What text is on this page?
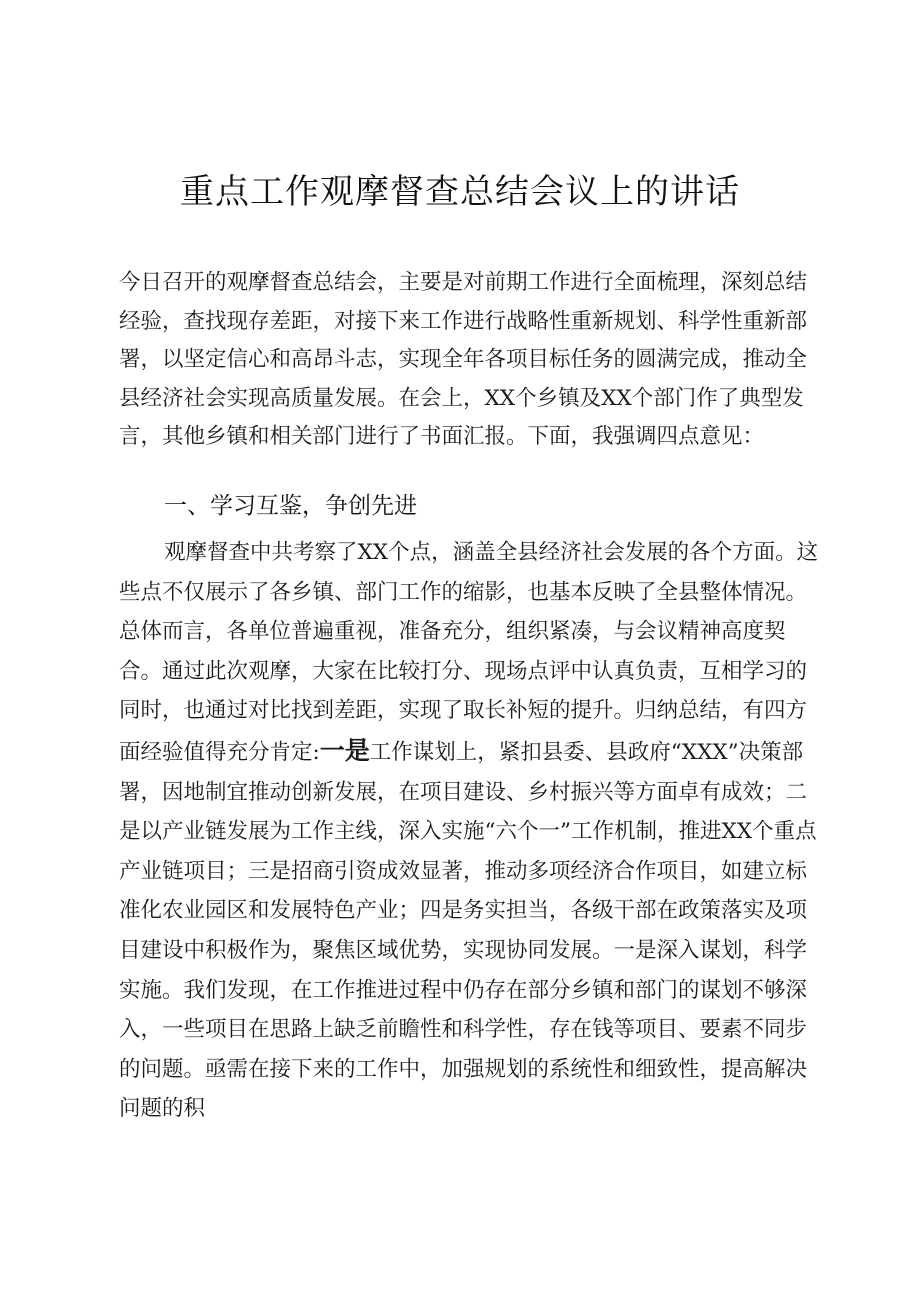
重点工作观摩督查总结会议上的讲话
今日召开的观摩督查总结会，主要是对前期工作进行全面梳理，深刻总结经验，查找现存差距，对接下来工作进行战略性重新规划、科学性重新部署，以坚定信心和高昂斗志，实现全年各项目标任务的圆满完成，推动全县经济社会实现高质量发展。在会上，XX个乡镇及XX个部门作了典型发言，其他乡镇和相关部门进行了书面汇报。下面，我强调四点意见：
一、学习互鉴，争创先进
观摩督查中共考察了XX个点，涵盖全县经济社会发展的各个方面。这些点不仅展示了各乡镇、部门工作的缩影，也基本反映了全县整体情况。总体而言，各单位普遍重视，准备充分，组织紧凑，与会议精神高度契合。通过此次观摩，大家在比较打分、现场点评中认真负责，互相学习的同时，也通过对比找到差距，实现了取长补短的提升。归纳总结，有四方面经验值得充分肯定:一是工作谋划上，紧扣县委、县政府“XXX”决策部署，因地制宜推动创新发展，在项目建设、乡村振兴等方面卓有成效；二是以产业链发展为工作主线，深入实施“六个一”工作机制，推进XX个重点产业链项目；三是招商引资成效显著，推动多项经济合作项目，如建立标准化农业园区和发展特色产业；四是务实担当，各级干部在政策落实及项目建设中积极作为，聚焦区域优势，实现协同发展。一是深入谋划，科学实施。我们发现，在工作推进过程中仍存在部分乡镇和部门的谋划不够深入，一些项目在思路上缺乏前瞻性和科学性，存在钱等项目、要素不同步的问题。亟需在接下来的工作中，加强规划的系统性和细致性，提高解决问题的积
